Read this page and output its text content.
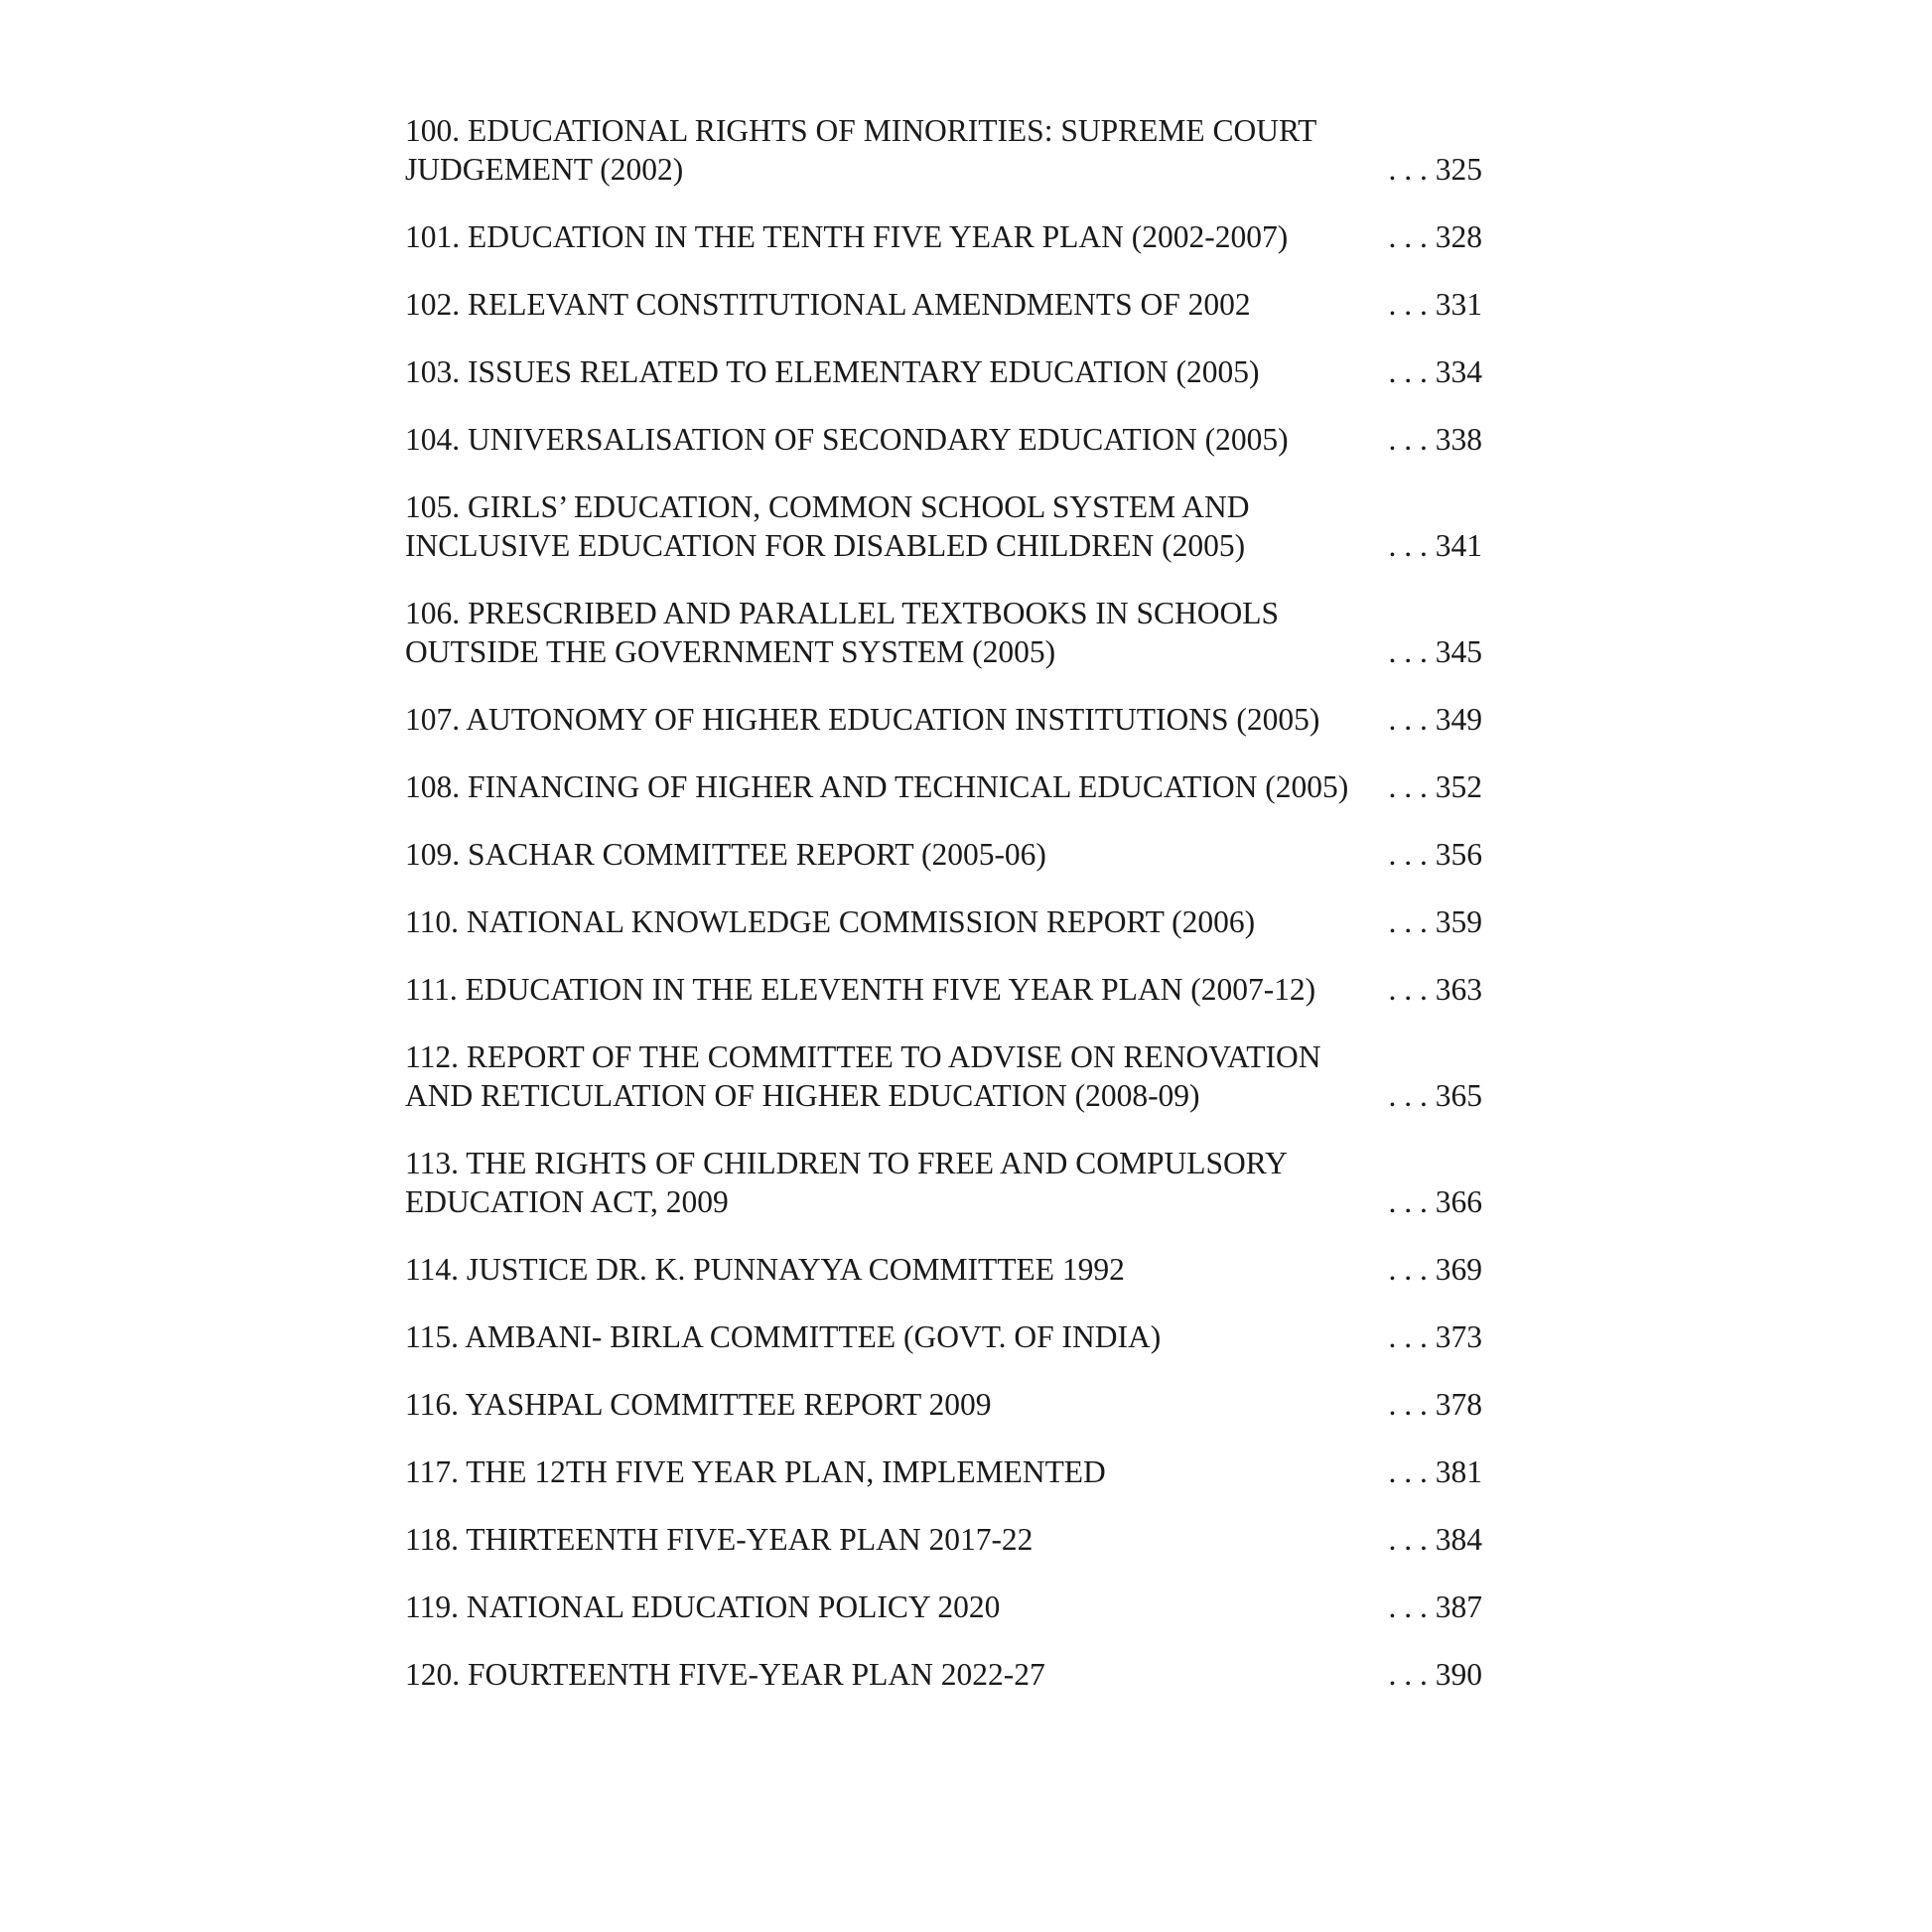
100. EDUCATIONAL RIGHTS OF MINORITIES: SUPREME COURT
JUDGEMENT (2002)	. . . 325
101. EDUCATION IN THE TENTH FIVE YEAR PLAN (2002-2007)	. . . 328
102. RELEVANT CONSTITUTIONAL AMENDMENTS OF 2002	. . . 331
103. ISSUES RELATED TO ELEMENTARY EDUCATION (2005)	. . . 334
104. UNIVERSALISATION OF SECONDARY EDUCATION (2005)	. . . 338
105. GIRLS’ EDUCATION, COMMON SCHOOL SYSTEM AND
INCLUSIVE EDUCATION FOR DISABLED CHILDREN (2005)	. . . 341
106. PRESCRIBED AND PARALLEL TEXTBOOKS IN SCHOOLS
OUTSIDE THE GOVERNMENT SYSTEM (2005)	. . . 345
107. AUTONOMY OF HIGHER EDUCATION INSTITUTIONS (2005)	. . . 349
108. FINANCING OF HIGHER AND TECHNICAL EDUCATION (2005)	. . . 352
109. SACHAR COMMITTEE REPORT (2005-06)	. . . 356
110. NATIONAL KNOWLEDGE COMMISSION REPORT (2006)	. . . 359
111. EDUCATION IN THE ELEVENTH FIVE YEAR PLAN (2007-12)	. . . 363
112. REPORT OF THE COMMITTEE TO ADVISE ON RENOVATION
AND RETICULATION OF HIGHER EDUCATION (2008-09)	. . . 365
113. THE RIGHTS OF CHILDREN TO FREE AND COMPULSORY
EDUCATION ACT, 2009	. . . 366
114. JUSTICE DR. K. PUNNAYYA COMMITTEE 1992	. . . 369
115. AMBANI- BIRLA COMMITTEE (GOVT. OF INDIA)	. . . 373
116. YASHPAL COMMITTEE REPORT 2009	. . . 378
117. THE 12TH FIVE YEAR PLAN, IMPLEMENTED	. . . 381
118. THIRTEENTH FIVE-YEAR PLAN 2017-22	. . . 384
119. NATIONAL EDUCATION POLICY 2020	. . . 387
120. FOURTEENTH FIVE-YEAR PLAN 2022-27	. . . 390
